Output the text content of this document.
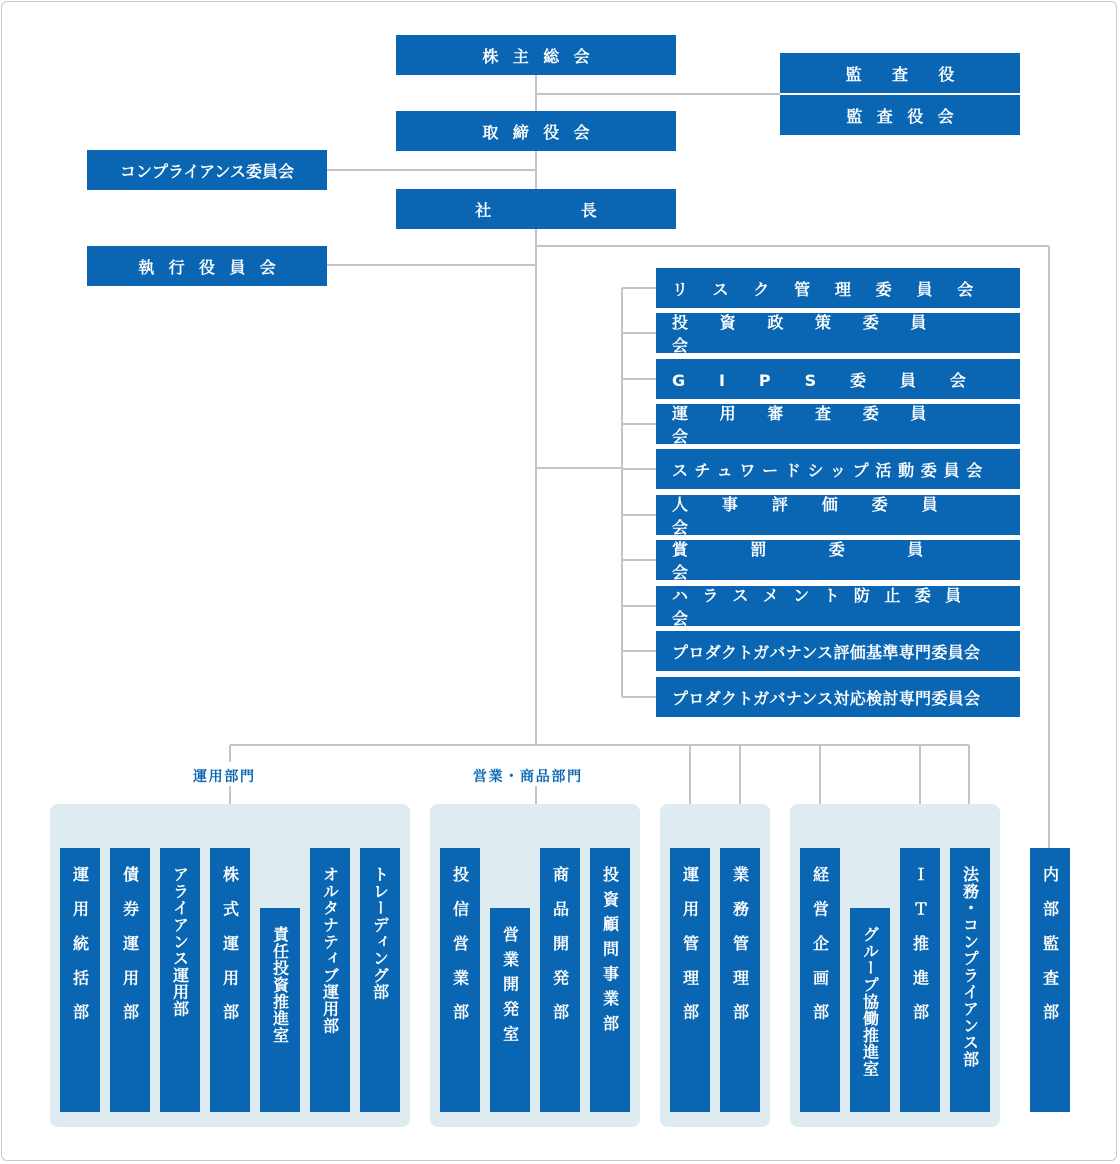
株主総会
監査役
監査役会
取締役会
コンプライアンス委員会
社長
執行役員会
リスク管理委員会
投資政策委員会
GIPS委員会
運用審査委員会
スチュワードシップ活動委員会
人事評価委員会
賞罰委員会
ハラスメント防止委員会
プロダクトガバナンス評価基準専門委員会
プロダクトガバナンス対応検討専門委員会
運用部門	営業・商品部門
運用統括部 債券運用部 アライアンス運用部 株式運用部 責任投資推進室 オルタナティブ運用部 トレーディング部	投信営業部 営業開発室 商品開発部 投資顧問事業部	運用管理部 業務管理部	経営企画部 グループ協働推進室 ＩＴ推進部 法務・コンプライアンス部	内部監査部
